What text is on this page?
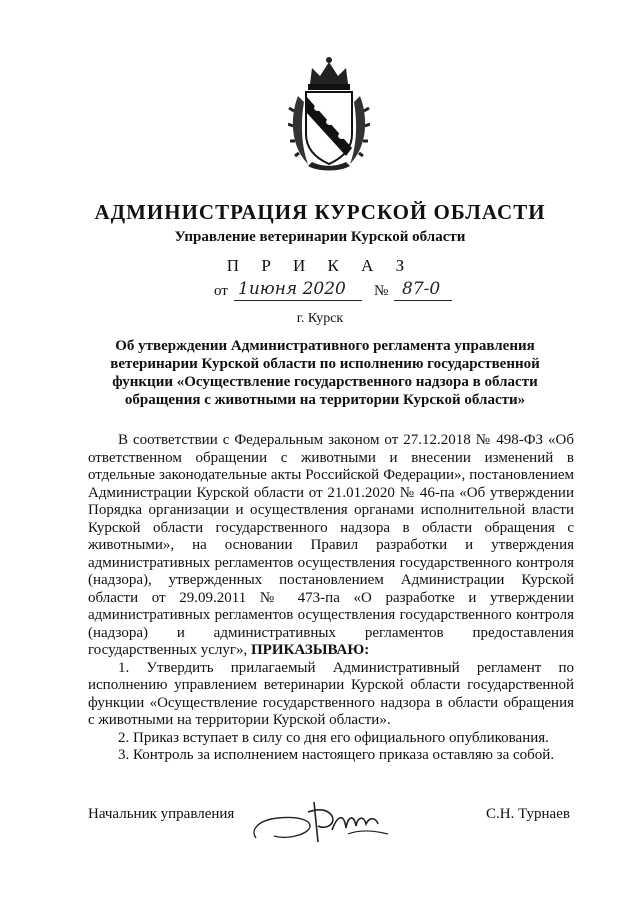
АДМИНИСТРАЦИЯ КУРСКОЙ ОБЛАСТИ
Управление ветеринарии Курской области
П Р И К А З
от 1июня 2020 № 87-0
г. Курск
Об утверждении Административного регламента управления ветеринарии Курской области по исполнению государственной функции «Осуществление государственного надзора в области обращения с животными на территории Курской области»

В соответствии с Федеральным законом от 27.12.2018 № 498-ФЗ «Об ответственном обращении с животными и внесении изменений в отдельные законодательные акты Российской Федерации», постановлением Администрации Курской области от 21.01.2020 № 46-па «Об утверждении Порядка организации и осуществления органами исполнительной власти Курской области государственного надзора в области обращения с животными», на основании Правил разработки и утверждения административных регламентов осуществления государственного контроля (надзора), утвержденных постановлением Администрации Курской области от 29.09.2011 № 473-па «О разработке и утверждении административных регламентов осуществления государственного контроля (надзора) и административных регламентов предоставления государственных услуг», ПРИКАЗЫВАЮ:

1. Утвердить прилагаемый Административный регламент по исполнению управлением ветеринарии Курской области государственной функции «Осуществление государственного надзора в области обращения с животными на территории Курской области».

2. Приказ вступает в силу со дня его официального опубликования.

3. Контроль за исполнением настоящего приказа оставляю за собой.

Начальник управления	С.Н. Турнаев
